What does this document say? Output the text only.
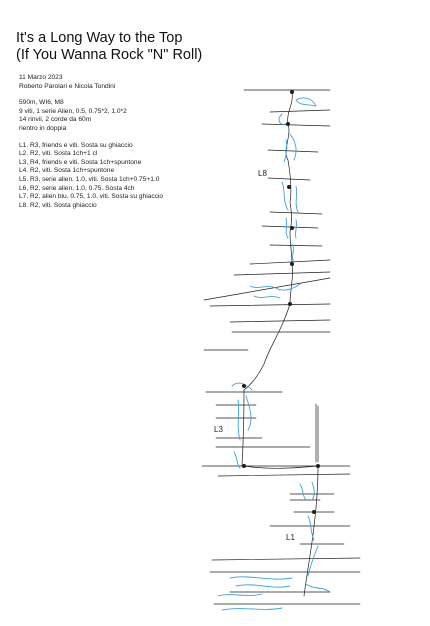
It's a Long Way to the Top
(If You Wanna Rock "N" Roll)
11 Marzo 2023
Roberto Parolari e Nicola Tondini
590m, WI6, M8
9 viti, 1 serie Alien, 0.5, 0.75*2, 1.0*2
14 rinvii, 2 corde da 60m
rientro in doppia
L1. R3, friends e viti. Sosta su ghiaccio
L2. R2, viti. Sosta 1ch+1 cl
L3, R4, friends e viti. Sosta 1ch+spuntone
L4. R2, viti. Sosta 1ch+spuntone
L5. R3, serie alien. 1.0, viti. Sosta 1ch+0.75+1.0
L6, R2, serie alien, 1.0, 0.75. Sosta 4ch
L7. R2, alien blu. 0.75, 1.0. viti. Sosta su ghiaccio
L8. R2, viti. Sosta ghiaccio
L8
L3
L1
